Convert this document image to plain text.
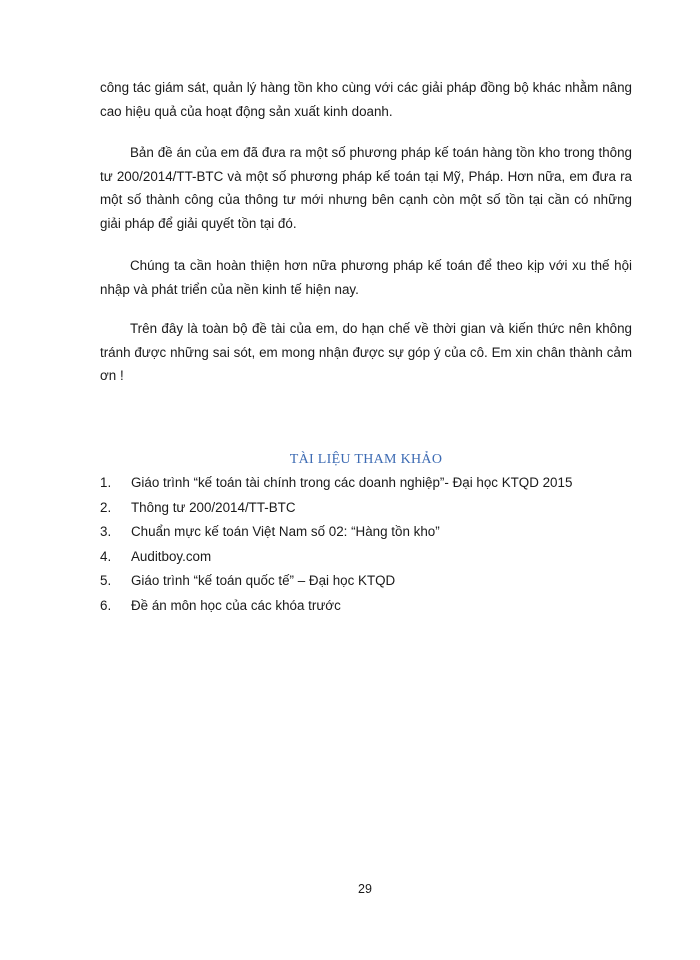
công tác giám sát, quản lý hàng tồn kho cùng với các giải pháp đồng bộ khác nhằm nâng cao hiệu quả của hoạt động sản xuất kinh doanh.

Bản đề án của em đã đưa ra một số phương pháp kế toán hàng tồn kho trong thông tư 200/2014/TT-BTC và một số phương pháp kế toán tại Mỹ, Pháp. Hơn nữa, em đưa ra một số thành công của thông tư mới nhưng bên cạnh còn một số tồn tại cần có những giải pháp để giải quyết tồn tại đó.

Chúng ta cần hoàn thiện hơn nữa phương pháp kế toán để theo kịp với xu thế hội nhập và phát triển của nền kinh tế hiện nay.

Trên đây là toàn bộ đề tài của em, do hạn chế về thời gian và kiến thức nên không tránh được những sai sót, em mong nhận được sự góp ý của cô. Em xin chân thành cảm ơn !

TÀI LIỆU THAM KHẢO
1. Giáo trình “kế toán tài chính trong các doanh nghiệp”- Đại học KTQD 2015
2. Thông tư 200/2014/TT-BTC
3. Chuẩn mực kế toán Việt Nam số 02: “Hàng tồn kho”
4. Auditboy.com
5. Giáo trình “kế toán quốc tế” – Đại học KTQD
6. Đề án môn học của các khóa trước
29
